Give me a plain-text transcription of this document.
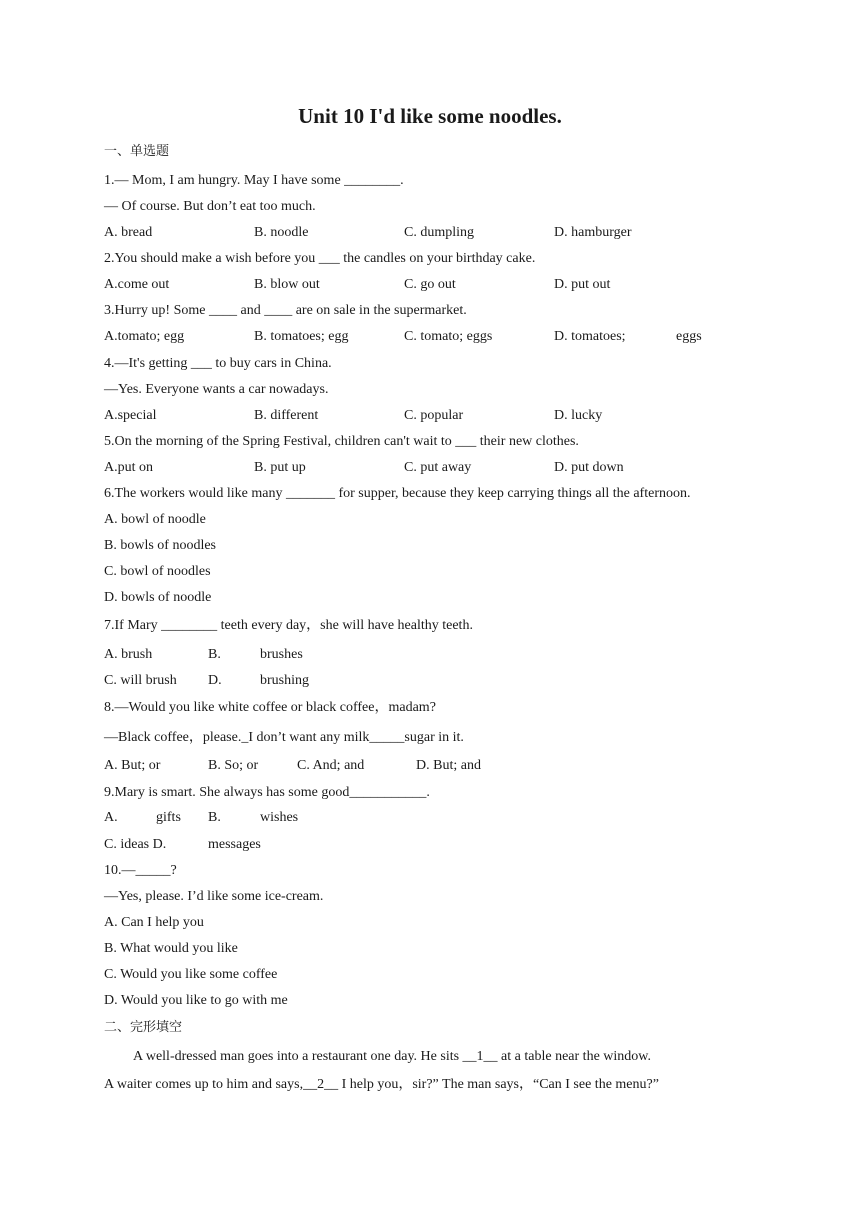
Unit 10 I'd like some noodles.
一、单选题
1.— Mom, I am hungry. May I have some ________.
— Of course. But don’t eat too much.
A. bread	B. noodle	C. dumpling	D. hamburger
2.You should make a wish before you ___ the candles on your birthday cake.
A.come out	B. blow out	C. go out	D. put out
3.Hurry up! Some ____ and ____ are on sale in the supermarket.
A.tomato; egg	B. tomatoes; egg	C. tomato; eggs	D. tomatoes;	eggs
4.—It's getting ___ to buy cars in China.
—Yes. Everyone wants a car nowadays.
A.special	B. different	C. popular	D. lucky
5.On the morning of the Spring Festival, children can't wait to ___ their new clothes.
A.put on	B. put up	C. put away	D. put down
6.The workers would like many _______ for supper, because they keep carrying things all the afternoon.
A. bowl of noodle
B. bowls of noodles
C. bowl of noodles
D. bowls of noodle
7.If Mary ________ teeth every day，she will have healthy teeth.
A. brush	B.	brushes
C. will brush D.	brushing
8.—Would you like white coffee or black coffee，madam?
—Black coffee，please._I don’t want any milk_____sugar in it.
A. But; or	B. So; or	C. And; and	D. But; and
9.Mary is smart. She always has some good___________.
A.	gifts B.	wishes
C. ideas D.	messages
10.—_____?
—Yes, please. I’d like some ice-cream.
A. Can I help you
B. What would you like
C. Would you like some coffee
D. Would you like to go with me
二、完形填空
A well-dressed man goes into a restaurant one day. He sits __1__ at a table near the window.
A waiter comes up to him and says,__2__ I help you，sir?” The man says，“Can I see the menu?”
